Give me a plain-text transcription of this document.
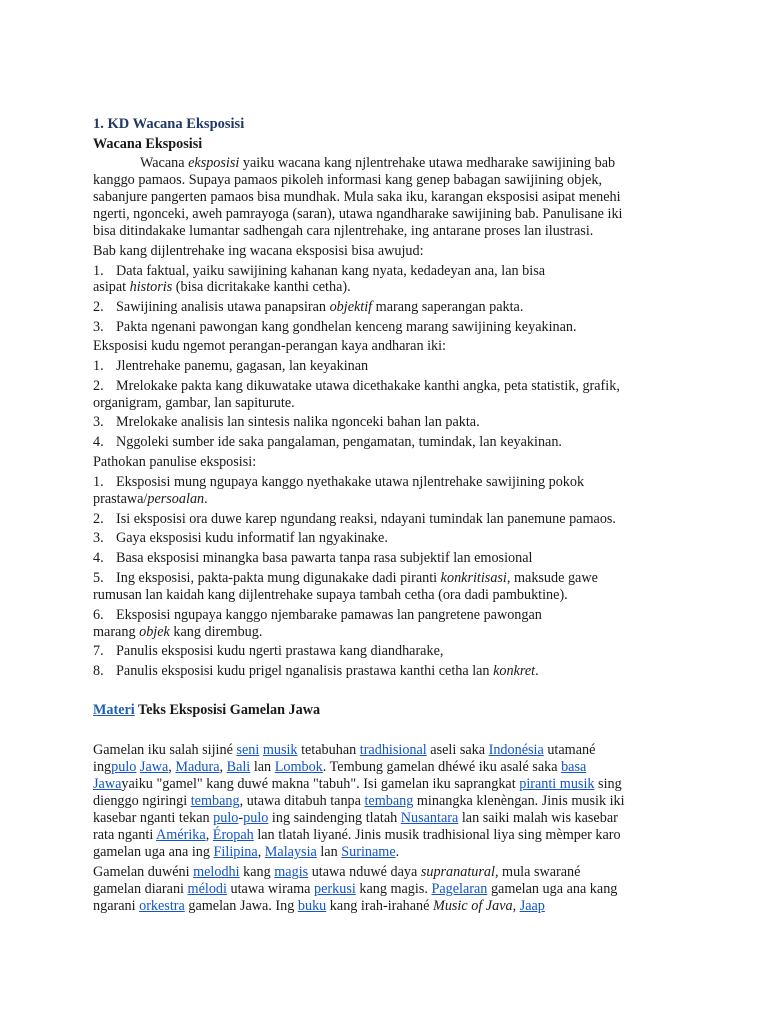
1. KD Wacana Eksposisi
Wacana Eksposisi
Wacana eksposisi yaiku wacana kang njlentrehake utawa medharake sawijining bab
kanggo pamaos. Supaya pamaos pikoleh informasi kang genep babagan sawijining objek,
sabanjure pangerten pamaos bisa mundhak. Mula saka iku, karangan eksposisi asipat menehi
ngerti, ngonceki, aweh pamrayoga (saran), utawa ngandharake sawijining bab. Panulisane iki
bisa ditindakake lumantar sadhengah cara njlentrehake, ing antarane proses lan ilustrasi.
Bab kang dijlentrehake ing wacana eksposisi bisa awujud:
1. Data faktual, yaiku sawijining kahanan kang nyata, kedadeyan ana, lan bisa
asipat historis (bisa dicritakake kanthi cetha).
2. Sawijining analisis utawa panapsiran objektif marang saperangan pakta.
3. Pakta ngenani pawongan kang gondhelan kenceng marang sawijining keyakinan.
Eksposisi kudu ngemot perangan-perangan kaya andharan iki:
1. Jlentrehake panemu, gagasan, lan keyakinan
2. Mrelokake pakta kang dikuwatake utawa dicethakake kanthi angka, peta statistik, grafik,
organigram, gambar, lan sapiturute.
3. Mrelokake analisis lan sintesis nalika ngonceki bahan lan pakta.
4. Nggoleki sumber ide saka pangalaman, pengamatan, tumindak, lan keyakinan.
Pathokan panulise eksposisi:
1. Eksposisi mung ngupaya kanggo nyethakake utawa njlentrehake sawijining pokok
prastawa/persoalan.
2. Isi eksposisi ora duwe karep ngundang reaksi, ndayani tumindak lan panemune pamaos.
3. Gaya eksposisi kudu informatif lan ngyakinake.
4. Basa eksposisi minangka basa pawarta tanpa rasa subjektif lan emosional
5. Ing eksposisi, pakta-pakta mung digunakake dadi piranti konkritisasi, maksude gawe
rumusan lan kaidah kang dijlentrehake supaya tambah cetha (ora dadi pambuktine).
6. Eksposisi ngupaya kanggo njembarake pamawas lan pangretene pawongan
marang objek kang dirembug.
7. Panulis eksposisi kudu ngerti prastawa kang diandharake,
8. Panulis eksposisi kudu prigel nganalisis prastawa kanthi cetha lan konkret.
Materi Teks Eksposisi Gamelan Jawa
Gamelan iku salah sijiné seni musik tetabuhan tradhisional aseli saka Indonésia utamané
ingpulo Jawa, Madura, Bali lan Lombok. Tembung gamelan dhéwé iku asalé saka basa
Jawayaiku "gamel" kang duwé makna "tabuh". Isi gamelan iku saprangkat piranti musik sing
dienggo ngiringi tembang, utawa ditabuh tanpa tembang minangka klenèngan. Jinis musik iki
kasebar nganti tekan pulo-pulo ing saindenging tlatah Nusantara lan saiki malah wis kasebar
rata nganti Amérika, Éropah lan tlatah liyané. Jinis musik tradhisional liya sing mèmper karo
gamelan uga ana ing Filipina, Malaysia lan Suriname.
Gamelan duwéni melodhi kang magis utawa nduwé daya supranatural, mula swarané
gamelan diarani mélodi utawa wirama perkusi kang magis. Pagelaran gamelan uga ana kang
ngarani orkestra gamelan Jawa. Ing buku kang irah-irahané Music of Java, Jaap
